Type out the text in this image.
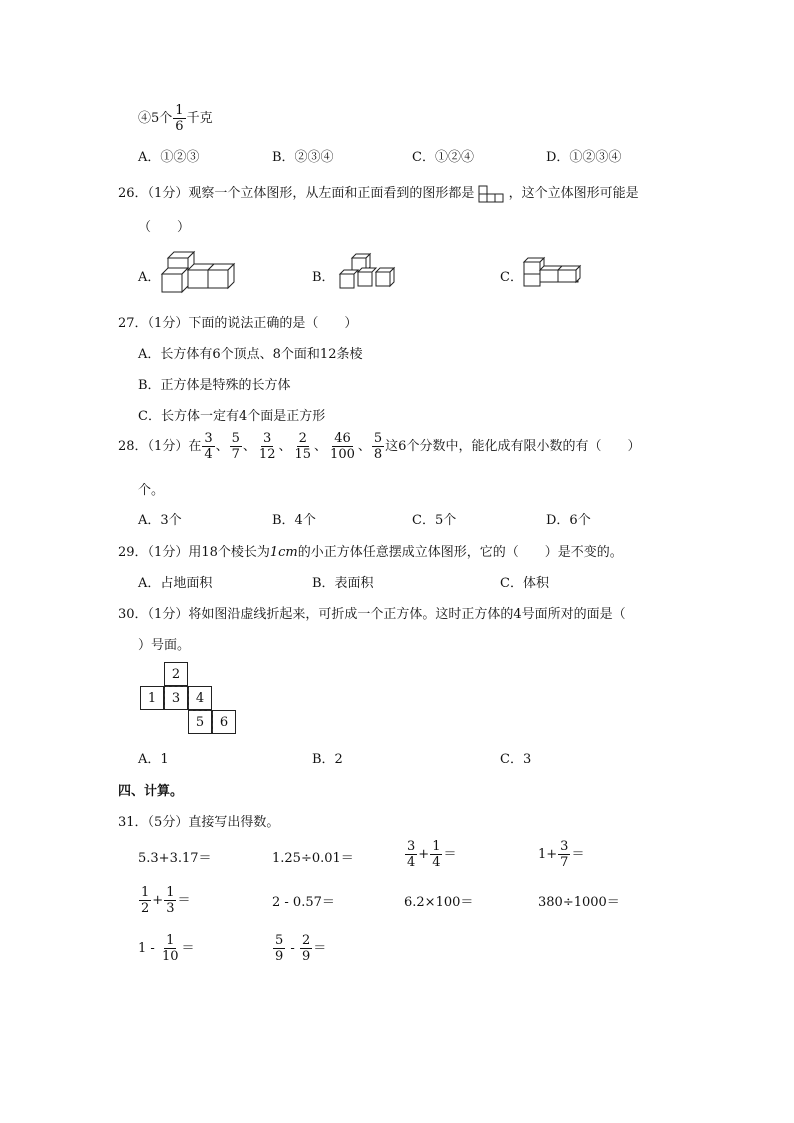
④5个 $\frac{1}{6}$ 千克
A．①②③	B．②③④	C．①②④	D．①②③④
26．（1分）观察一个立体图形，从左面和正面看到的图形都是	，这个立体图形可能是
（　　）
A．	B．	C．
27．（1分）下面的说法正确的是（　　）
A．长方体有6个顶点、8个面和12条棱
B．正方体是特殊的长方体
C．长方体一定有4个面是正方形
28．（1分）在 $\frac{3}{4}$ 、 $\frac{5}{7}$ 、 $\frac{3}{12}$ 、 $\frac{2}{15}$ 、 $\frac{46}{100}$ 、 $\frac{5}{8}$ 这6个分数中，能化成有限小数的有（　　）
个。
A．3个	B．4个	C．5个	D．6个
29．（1分）用18个棱长为1cm的小正方体任意摆成立体图形，它的（　　）是不变的。
A．占地面积	B．表面积	C．体积
30．（1分）将如图沿虚线折起来，可折成一个正方体。这时正方体的4号面所对的面是（
）号面。
2
1	3	4
5	6
A．1	B．2	C．3
四、计算。
31．（5分）直接写出得数。
5.3+3.17＝	1.25÷0.01＝	$\frac{3}{4} + \frac{1}{4}$ ＝	$1+ \frac{3}{7}$ ＝
$\frac{1}{2} + \frac{1}{3}$ ＝	2 - 0.57＝	6.2×100＝	380÷1000＝
$1 - \frac{1}{10}$ ＝	$\frac{5}{9} - \frac{2}{9}$ ＝
